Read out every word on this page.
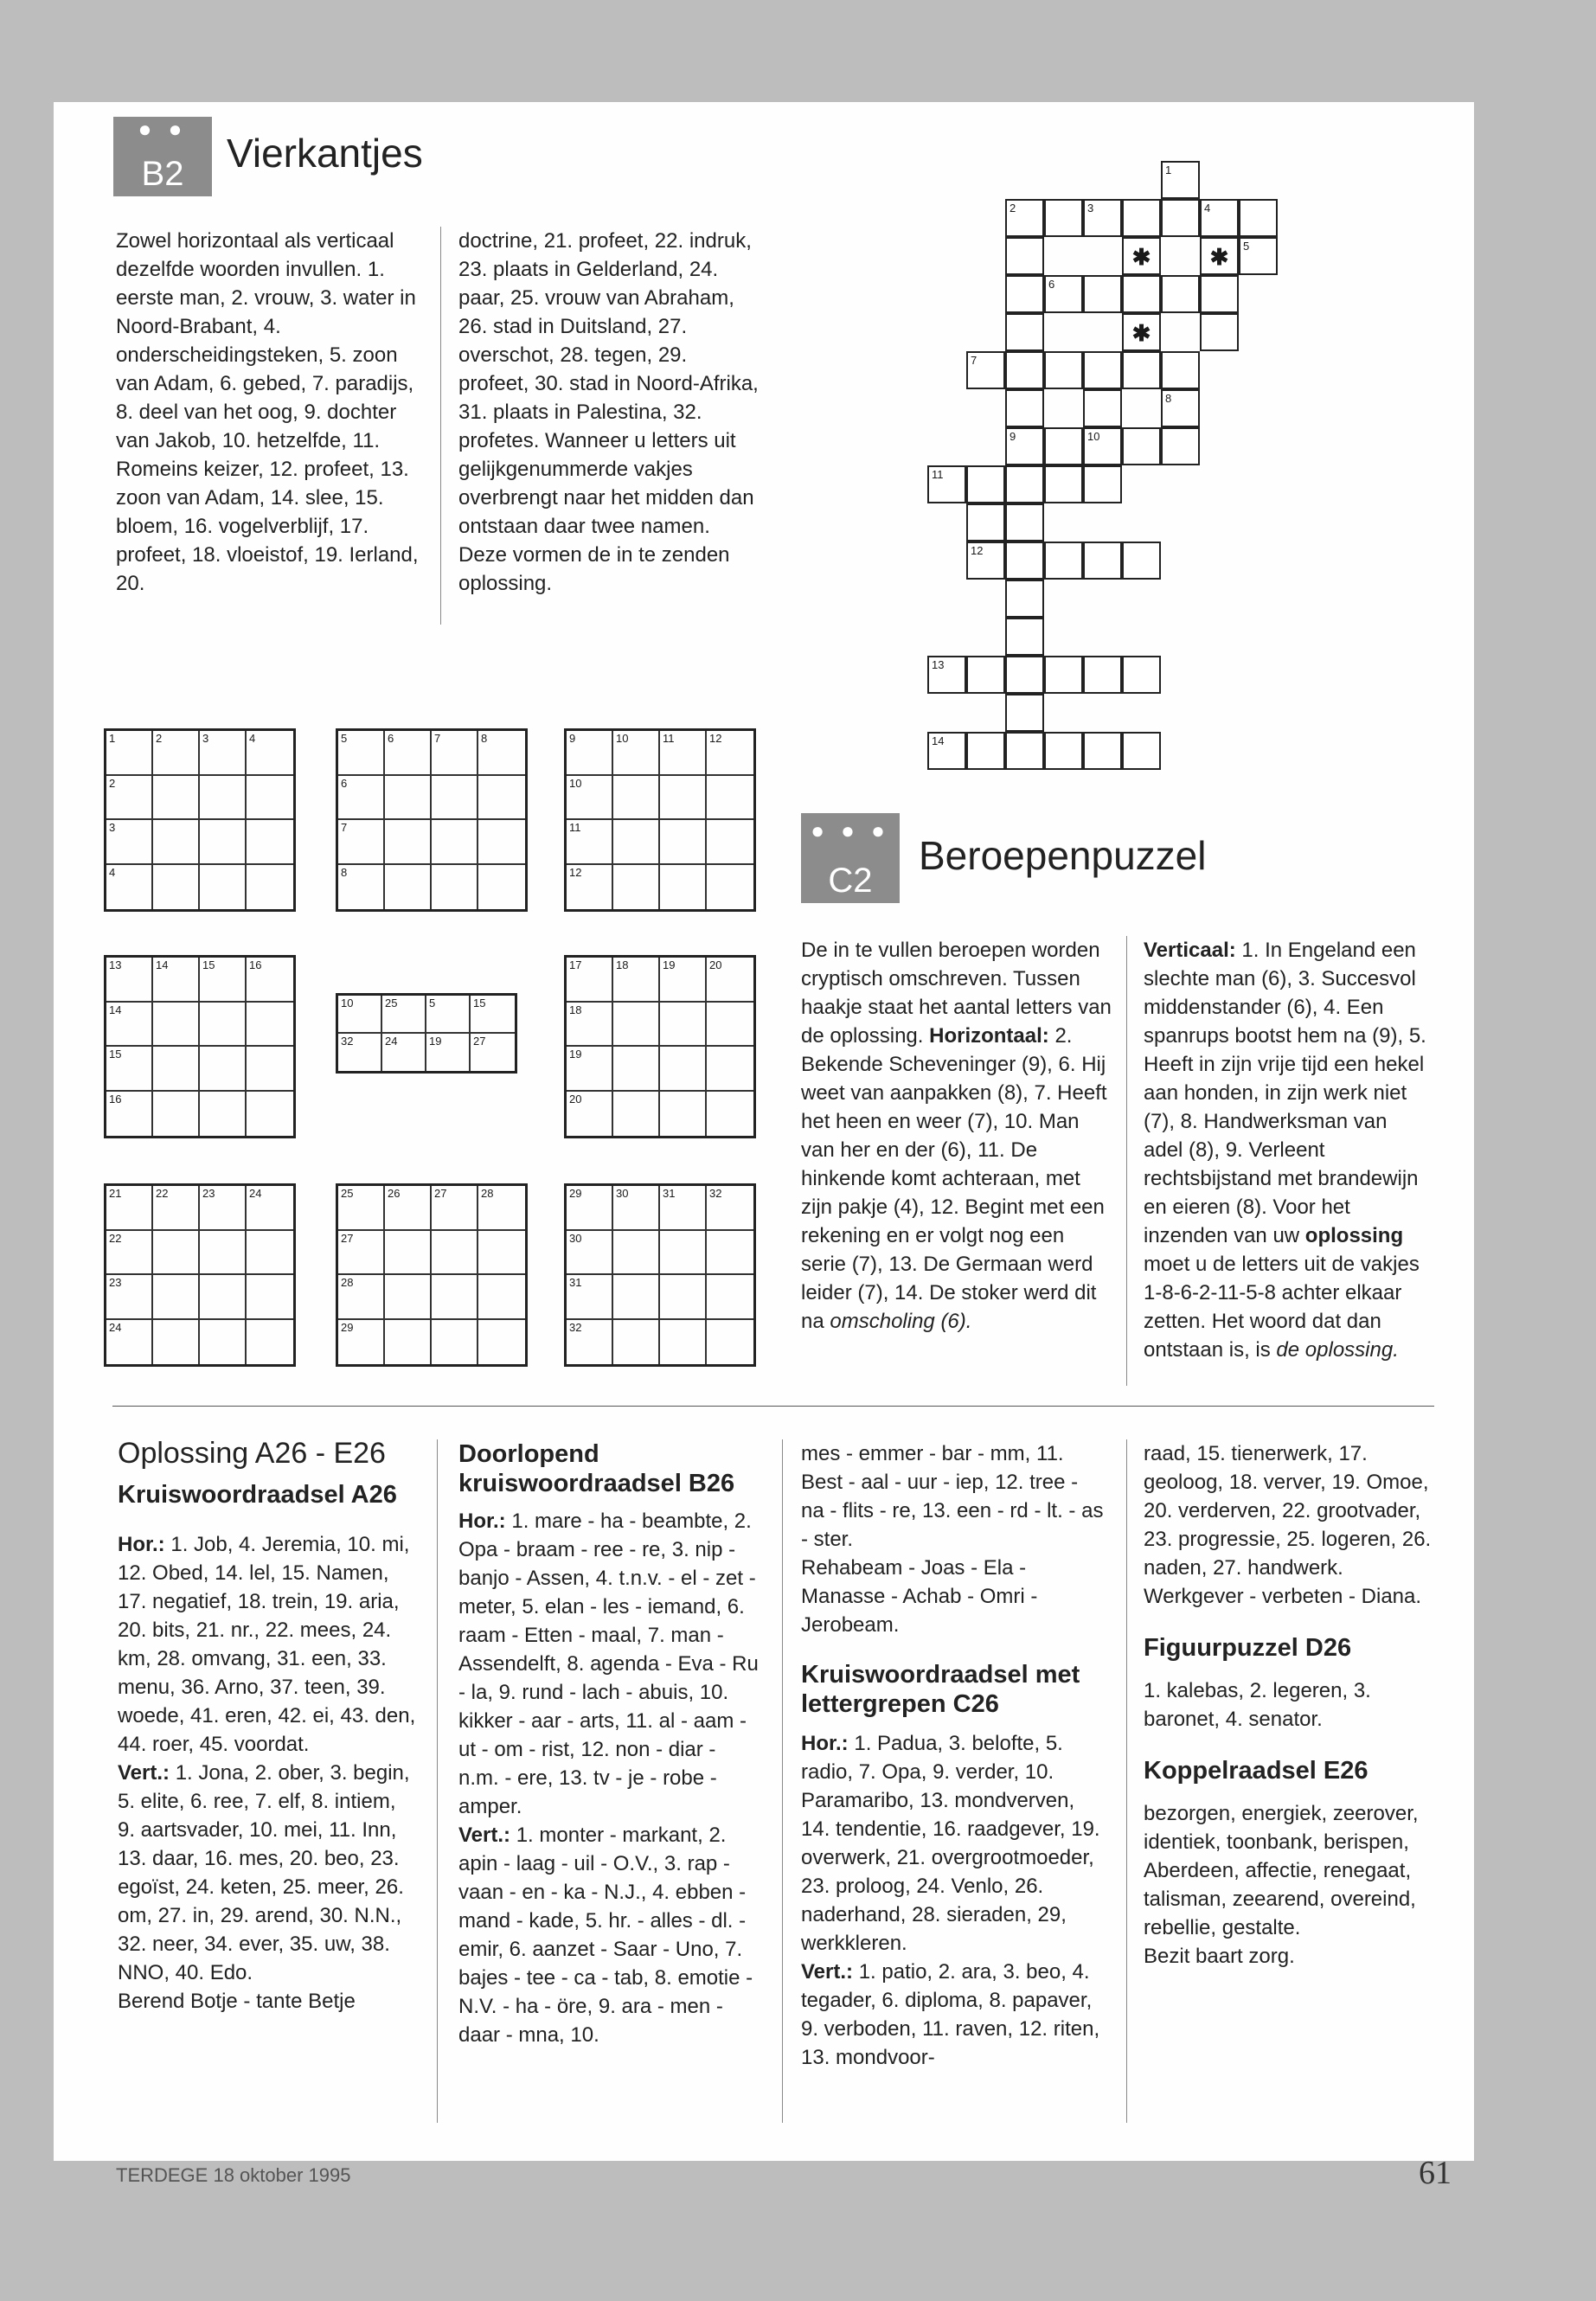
● ●
B2	Vierkantjes

Zowel horizontaal als verticaal dezelfde woorden invullen. 1. eerste man, 2. vrouw, 3. water in Noord-Brabant, 4. onderscheidingsteken, 5. zoon van Adam, 6. gebed, 7. paradijs, 8. deel van het oog, 9. dochter van Jakob, 10. hetzelfde, 11. Romeins keizer, 12. profeet, 13. zoon van Adam, 14. slee, 15. bloem, 16. vogelverblijf, 17. profeet, 18. vloeistof, 19. Ierland, 20.

doctrine, 21. profeet, 22. indruk, 23. plaats in Gelderland, 24. paar, 25. vrouw van Abraham, 26. stad in Duitsland, 27. overschot, 28. tegen, 29. profeet, 30. stad in Noord-Afrika, 31. plaats in Palestina, 32. profetes. Wanneer u letters uit gelijkgenummerde vakjes overbrengt naar het midden dan ontstaan daar twee namen. Deze vormen de in te zenden oplossing.

1	2	3	4
2
3
4
5	6	7	8
6
7
8
9	10	11	12
10
11
12
13	14	15	16
14
15
16
17	18	19	20
18
19
20
21	22	23	24
22
23
24
25	26	27	28
27
28
29
29	30	31	32
30
31
32
10	25	5	15
32	24	19	27
1
2	3	4
✱	✱	5
6
✱
7
8
9	10
11
12
13
14
● ● ●
C2
Beroepenpuzzel

De in te vullen beroepen worden cryptisch omschreven. Tussen haakje staat het aantal letters van de oplossing. Horizontaal: 2. Bekende Scheveninger (9), 6. Hij weet van aanpakken (8), 7. Heeft het heen en weer (7), 10. Man van her en der (6), 11. De hinkende komt achteraan, met zijn pakje (4), 12. Begint met een rekening en er volgt nog een serie (7), 13. De Germaan werd leider (7), 14. De stoker werd dit na omscholing (6).

Verticaal: 1. In Engeland een slechte man (6), 3. Succesvol middenstander (6), 4. Een spanrups bootst hem na (9), 5. Heeft in zijn vrije tijd een hekel aan honden, in zijn werk niet (7), 8. Handwerksman van adel (8), 9. Verleent rechtsbijstand met brandewijn en eieren (8). Voor het inzenden van uw oplossing moet u de letters uit de vakjes 1-8-6-2-11-5-8 achter elkaar zetten. Het woord dat dan ontstaan is, is de oplossing.

Oplossing A26 - E26

Kruiswoordraadsel A26

Hor.: 1. Job, 4. Jeremia, 10. mi, 12. Obed, 14. lel, 15. Namen, 17. negatief, 18. trein, 19. aria, 20. bits, 21. nr., 22. mees, 24. km, 28. omvang, 31. een, 33. menu, 36. Arno, 37. teen, 39. woede, 41. eren, 42. ei, 43. den, 44. roer, 45. voordat.

Vert.: 1. Jona, 2. ober, 3. begin, 5. elite, 6. ree, 7. elf, 8. intiem, 9. aartsvader, 10. mei, 11. Inn, 13. daar, 16. mes, 20. beo, 23. egoïst, 24. keten, 25. meer, 26. om, 27. in, 29. arend, 30. N.N., 32. neer, 34. ever, 35. uw, 38. NNO, 40. Edo.

Berend Botje - tante Betje

Doorlopend kruiswoordraadsel B26

Hor.: 1. mare - ha - beambte, 2. Opa - braam - ree - re, 3. nip - banjo - Assen, 4. t.n.v. - el - zet - meter, 5. elan - les - iemand, 6. raam - Etten - maal, 7. man - Assendelft, 8. agenda - Eva - Ru - la, 9. rund - lach - abuis, 10. kikker - aar - arts, 11. al - aam - ut - om - rist, 12. non - diar - n.m. - ere, 13. tv - je - robe - amper.

Vert.: 1. monter - markant, 2. apin - laag - uil - O.V., 3. rap - vaan - en - ka - N.J., 4. ebben - mand - kade, 5. hr. - alles - dl. - emir, 6. aanzet - Saar - Uno, 7. bajes - tee - ca - tab, 8. emotie - N.V. - ha - öre, 9. ara - men - daar - mna, 10.

mes - emmer - bar - mm, 11. Best - aal - uur - iep, 12. tree - na - flits - re, 13. een - rd - lt. - as - ster.

Rehabeam - Joas - Ela - Manasse - Achab - Omri - Jerobeam.

Kruiswoordraadsel met lettergrepen C26

Hor.: 1. Padua, 3. belofte, 5. radio, 7. Opa, 9. verder, 10. Paramaribo, 13. mondverven, 14. tendentie, 16. raadgever, 19. overwerk, 21. overgrootmoeder, 23. proloog, 24. Venlo, 26. naderhand, 28. sieraden, 29, werkkleren.

Vert.: 1. patio, 2. ara, 3. beo, 4. tegader, 6. diploma, 8. papaver, 9. verboden, 11. raven, 12. riten, 13. mondvoor-

raad, 15. tienerwerk, 17. geoloog, 18. verver, 19. Omoe, 20. verderven, 22. grootvader, 23. progressie, 25. logeren, 26. naden, 27. handwerk.

Werkgever - verbeten - Diana.

Figuurpuzzel D26

1. kalebas, 2. legeren, 3. baronet, 4. senator.

Koppelraadsel E26

bezorgen, energiek, zeerover, identiek, toonbank, berispen, Aberdeen, affectie, renegaat, talisman, zeearend, overeind, rebellie, gestalte.

Bezit baart zorg.

TERDEGE 18 oktober 1995	61
